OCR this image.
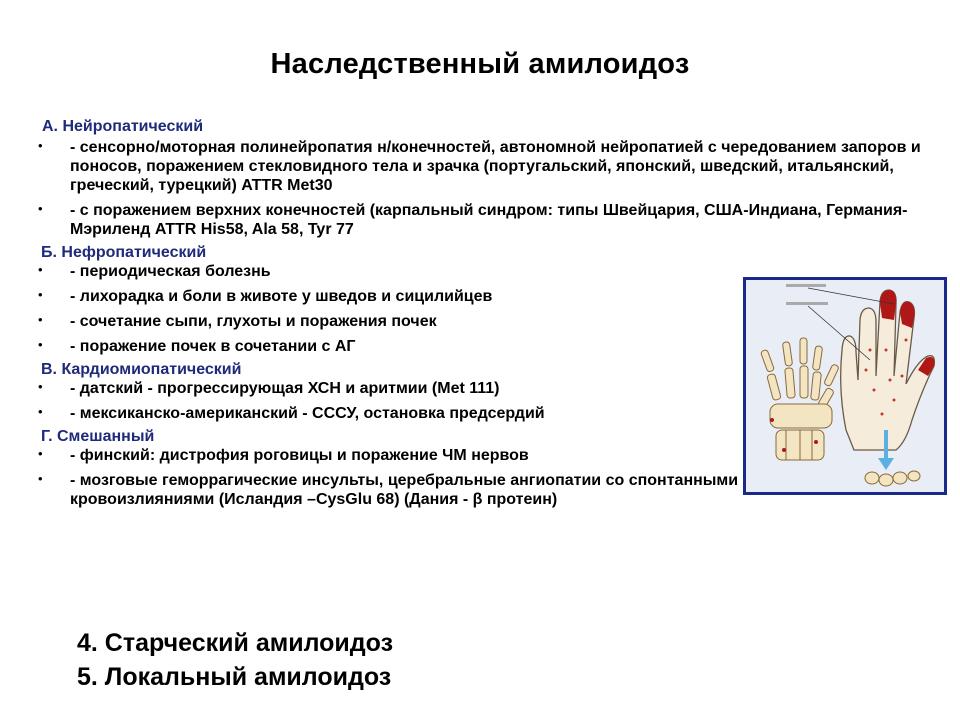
Наследственный амилоидоз
А. Нейропатический
• - сенсорно/моторная полинейропатия н/конечностей, автономной нейропатией с чередованием запоров и поносов, поражением стекловидного тела и зрачка (португальский, японский, шведский, итальянский, греческий, турецкий) ATTR Met30
• - с поражением верхних конечностей (карпальный синдром: типы Швейцария, США-Индиана, Германия-Мэриленд ATTR His58, Ala 58, Tyr 77
Б. Нефропатический
• - периодическая болезнь
• - лихорадка и боли в животе у шведов и сицилийцев
• - сочетание сыпи, глухоты и поражения почек
• - поражение почек в сочетании с АГ
В. Кардиомиопатический
• - датский - прогрессирующая ХСН и аритмии (Met 111)
• - мексиканско-американский - СССУ, остановка предсердий
Г. Смешанный
• - финский: дистрофия роговицы и поражение ЧМ нервов
• - мозговые геморрагические инсульты, церебральные ангиопатии со спонтанными кровоизлияниями (Исландия –CysGlu 68) (Дания - β протеин)
4. Старческий амилоидоз
5. Локальный амилоидоз
